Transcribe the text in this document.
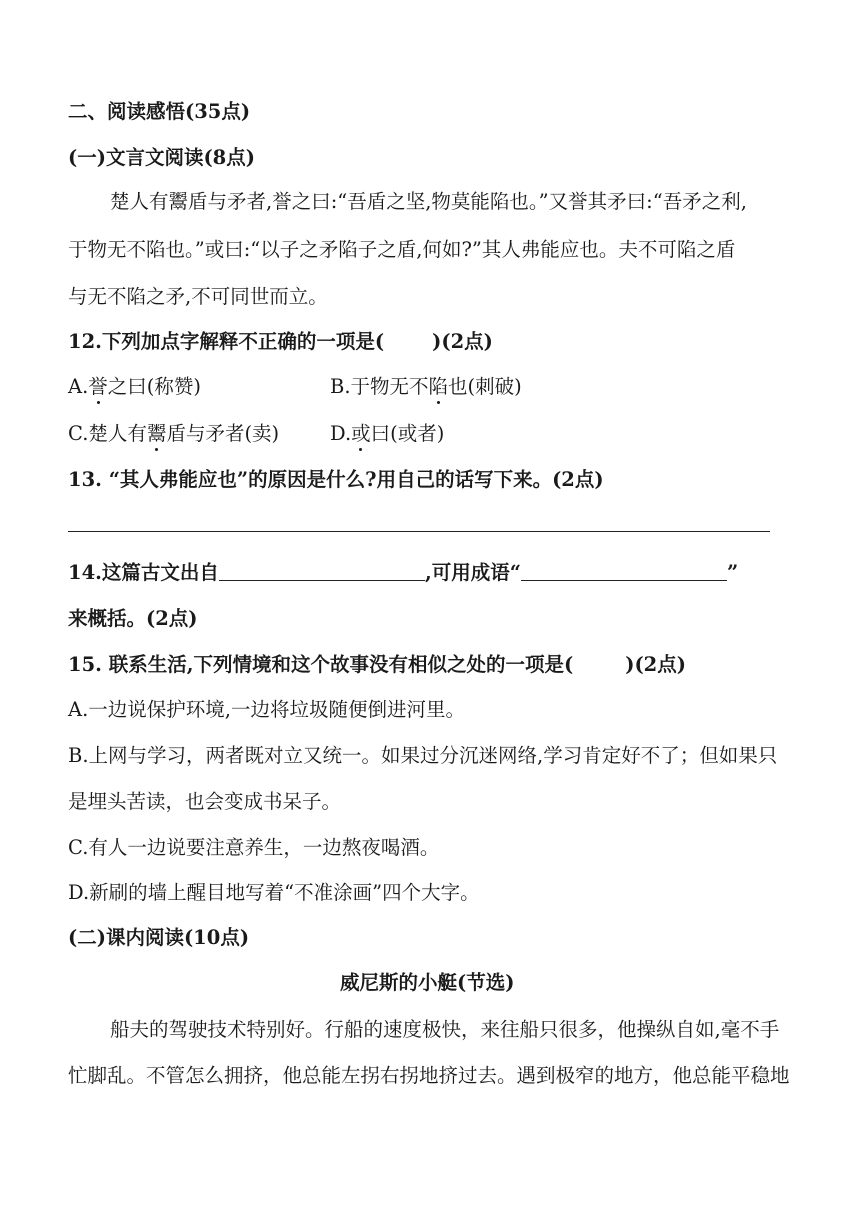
二、阅读感悟(35点)
(一)文言文阅读(8点)
楚人有鬻盾与矛者,誉之曰:“吾盾之坚,物莫能陷也。”又誉其矛曰:“吾矛之利,
于物无不陷也。”或曰:“以子之矛陷子之盾,何如?”其人弗能应也。夫不可陷之盾
与无不陷之矛,不可同世而立。
12.下列加点字解释不正确的一项是( )(2点)
A.誉之曰(称赞)	B.于物无不陷也(刺破)
C.楚人有鬻盾与矛者(卖)	D.或曰(或者)
13. “其人弗能应也”的原因是什么?用自己的话写下来。(2点)
14.这篇古文出自	,可用成语“	”
来概括。(2点)
15. 联系生活,下列情境和这个故事没有相似之处的一项是(	)(2点)
A.一边说保护环境,一边将垃圾随便倒进河里。
B.上网与学习，两者既对立又统一。如果过分沉迷网络,学习肯定好不了；但如果只
是埋头苦读，也会变成书呆子。
C.有人一边说要注意养生，一边熬夜喝酒。
D.新刷的墙上醒目地写着“不准涂画”四个大字。
(二)课内阅读(10点)
威尼斯的小艇(节选)
船夫的驾驶技术特别好。行船的速度极快，来往船只很多，他操纵自如,毫不手
忙脚乱。不管怎么拥挤，他总能左拐右拐地挤过去。遇到极窄的地方，他总能平稳地
